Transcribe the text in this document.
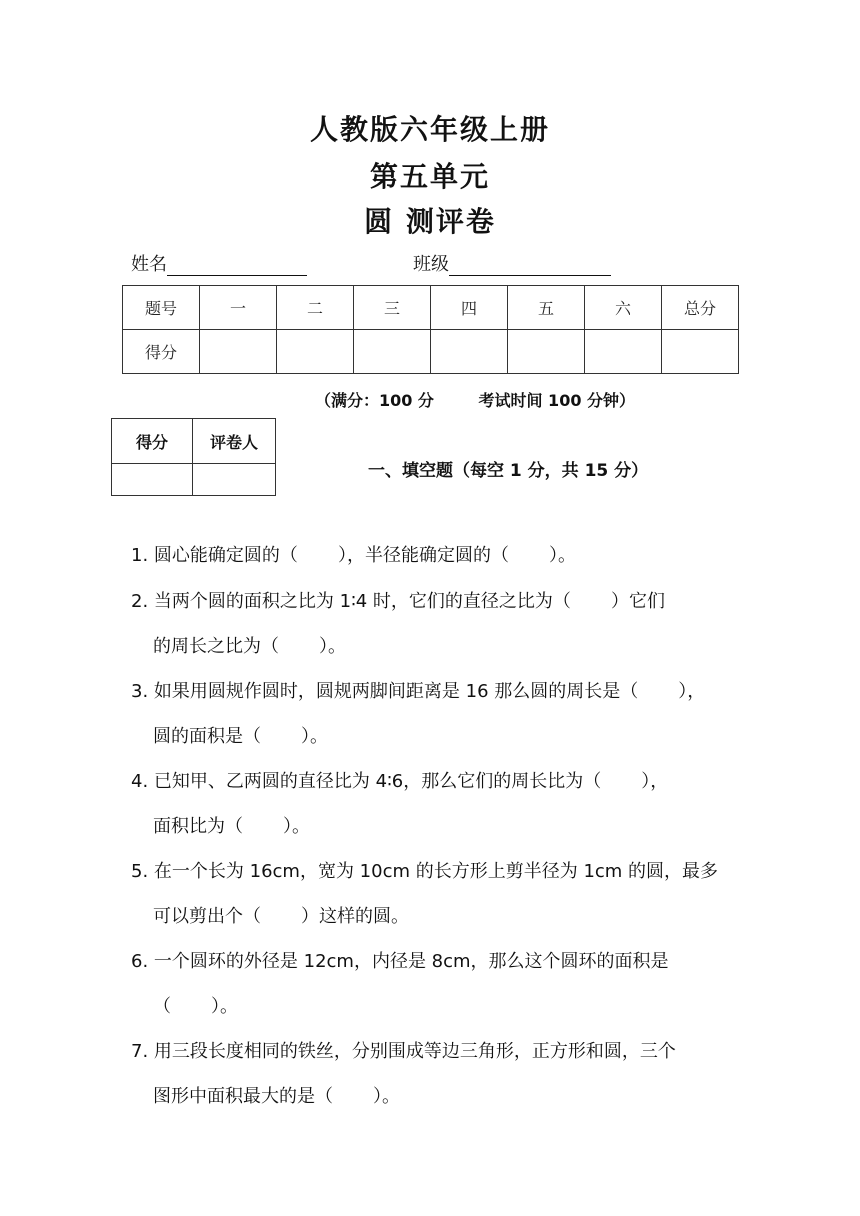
人教版六年级上册
第五单元
圆 测评卷
姓名	班级
题号	一	二	三	四	五	六	总分
得分							
（满分：100 分        考试时间 100 分钟）
得分	评卷人

一、填空题（每空 1 分，共 15 分）
1. 圆心能确定圆的（       ），半径能确定圆的（       ）。
2. 当两个圆的面积之比为 1∶4 时，它们的直径之比为（       ）它们
的周长之比为（       ）。
3. 如果用圆规作圆时，圆规两脚间距离是 16 那么圆的周长是（       ），
圆的面积是（       ）。
4. 已知甲、乙两圆的直径比为 4∶6，那么它们的周长比为（       ），
面积比为（       ）。
5. 在一个长为 16cm，宽为 10cm 的长方形上剪半径为 1cm 的圆，最多
可以剪出个（       ）这样的圆。
6. 一个圆环的外径是 12cm，内径是 8cm，那么这个圆环的面积是
（       ）。
7. 用三段长度相同的铁丝，分别围成等边三角形，正方形和圆，三个
图形中面积最大的是（       ）。
